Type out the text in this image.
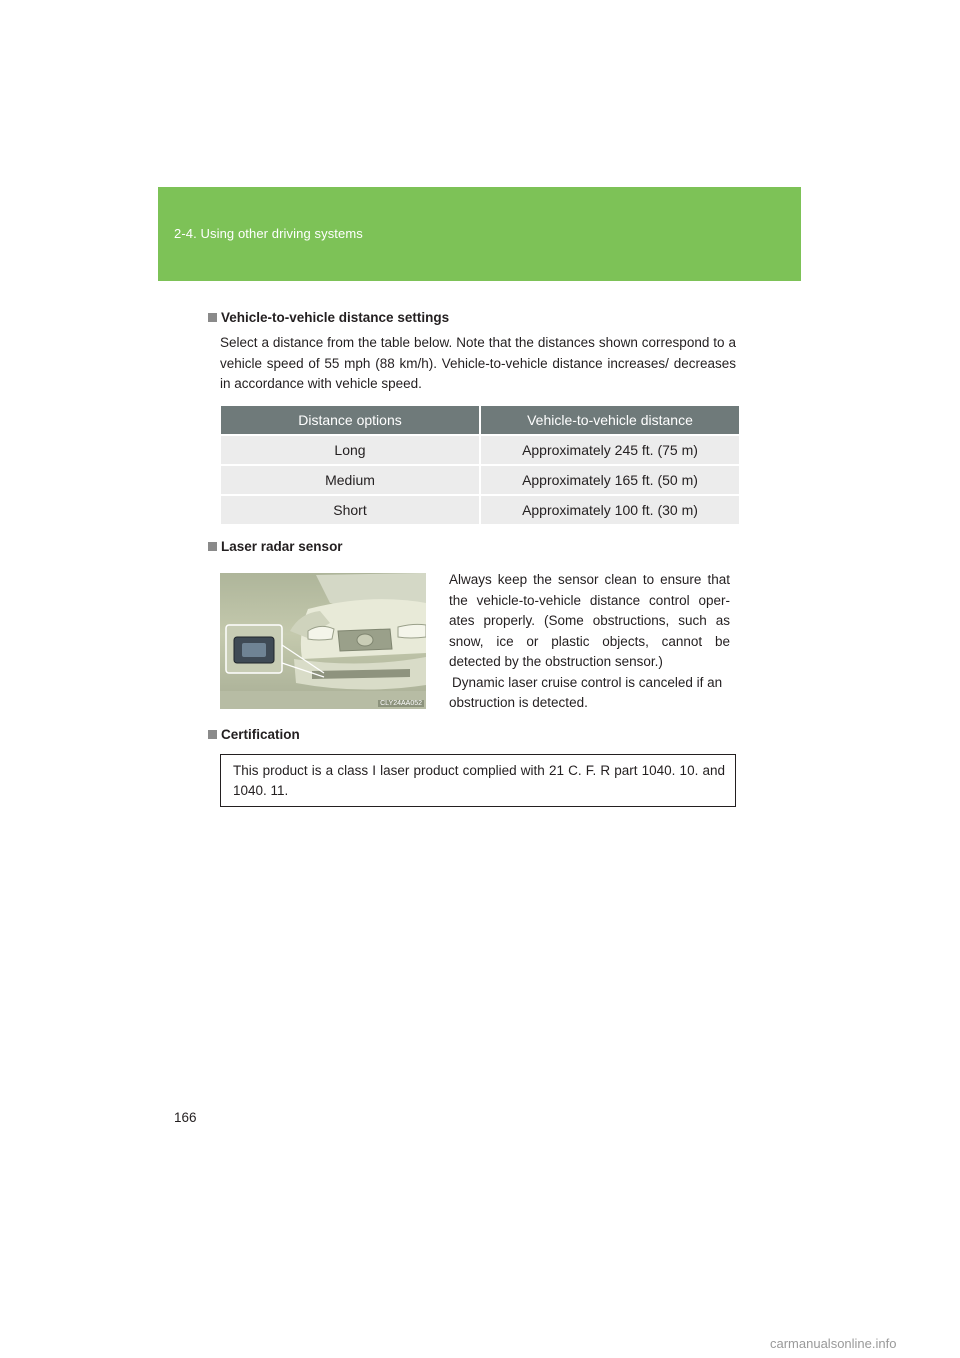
2-4. Using other driving systems
Vehicle-to-vehicle distance settings
Select a distance from the table below. Note that the distances shown correspond to a vehicle speed of 55 mph (88 km/h). Vehicle-to-vehicle distance increases/ decreases in accordance with vehicle speed.
Distance options	Vehicle-to-vehicle distance
Long	Approximately 245 ft. (75 m)
Medium	Approximately 165 ft. (50 m)
Short	Approximately 100 ft. (30 m)
Laser radar sensor
CLY24AA052
Always keep the sensor clean to ensure that the vehicle-to-vehicle distance control oper-ates properly. (Some obstructions, such as snow, ice or plastic objects, cannot be detected by the obstruction sensor.)
Dynamic laser cruise control is canceled if an obstruction is detected.
Certification
This product is a class I laser product complied with 21 C. F. R part 1040. 10. and 1040. 11.
166
carmanualsonline.info
